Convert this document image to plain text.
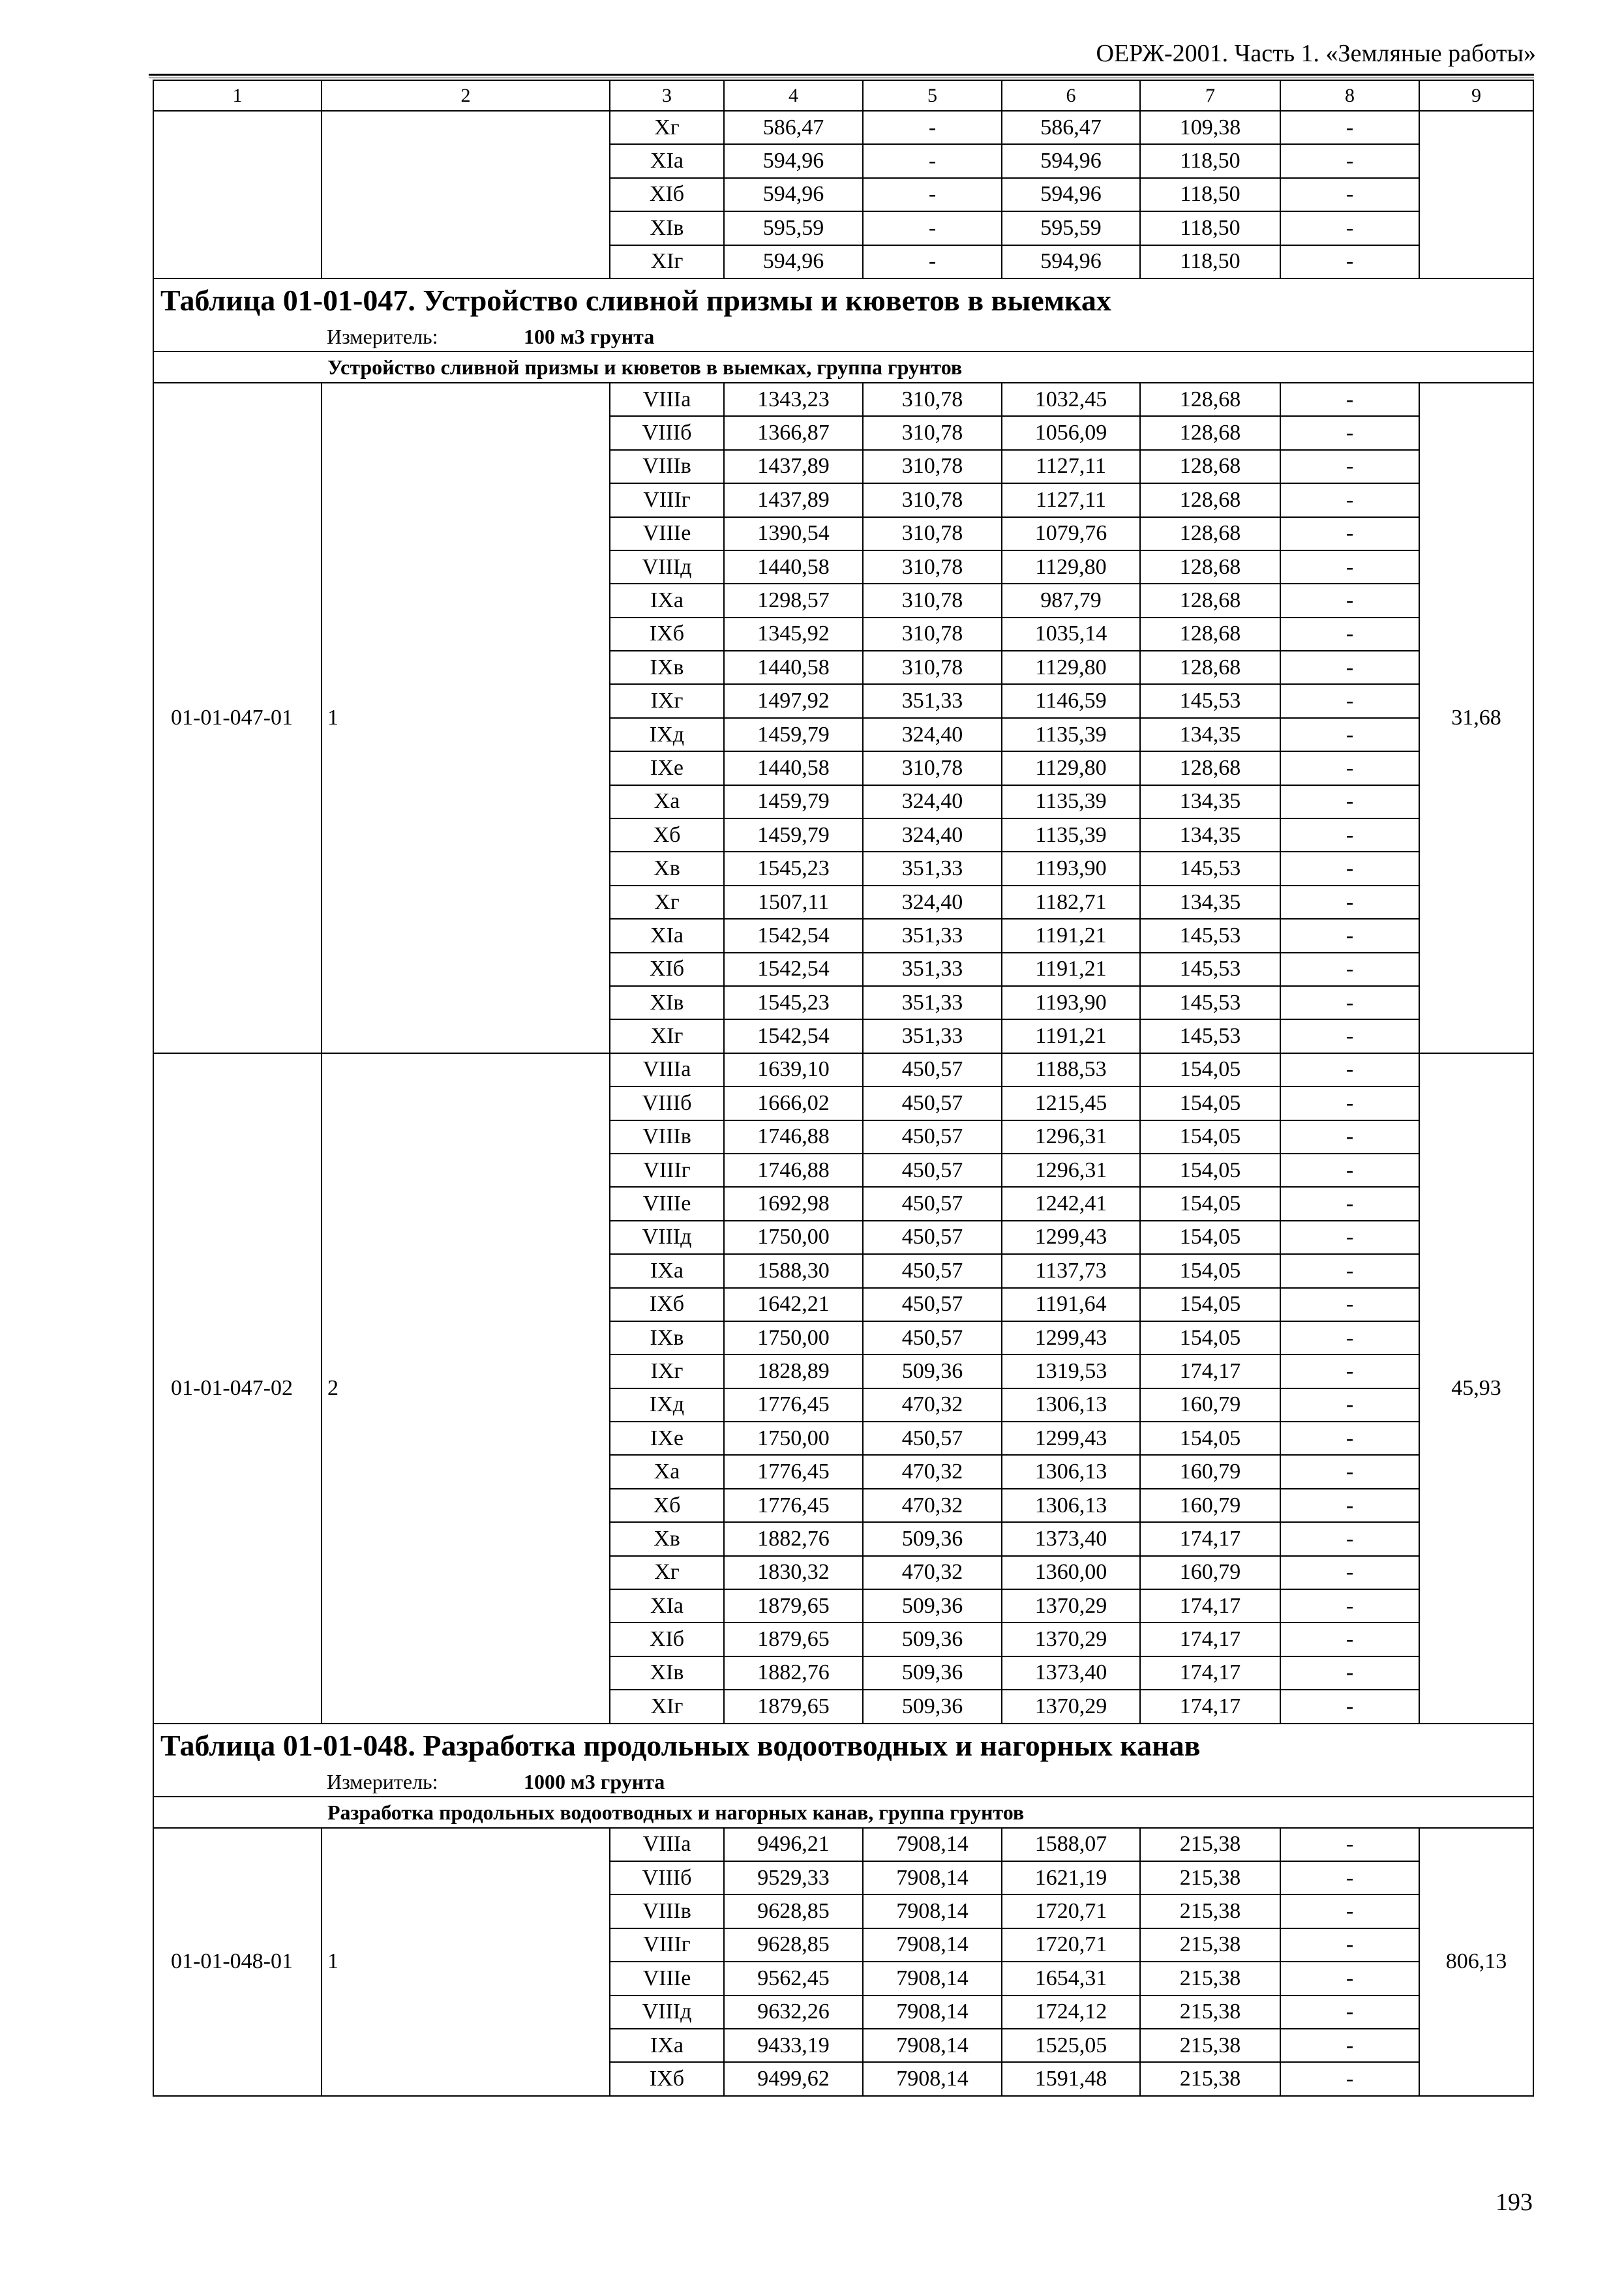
ОЕРЖ-2001. Часть 1. «Земляные работы»
1	2	3	4	5	6	7	8	9
		Xг	586,47	-	586,47	109,38	-	
		XIа	594,96	-	594,96	118,50	-	
		XIб	594,96	-	594,96	118,50	-	
		XIв	595,59	-	595,59	118,50	-	
		XIг	594,96	-	594,96	118,50	-	
Таблица 01-01-047. Устройство сливной призмы и кюветов в выемках								
Измеритель: 100 м3 грунта								
Устройство сливной призмы и кюветов в выемках, группа грунтов								
01-01-047-01	1	VIIIа	1343,23	310,78	1032,45	128,68	-	31,68
		VIIIб	1366,87	310,78	1056,09	128,68	-	
		VIIIв	1437,89	310,78	1127,11	128,68	-	
		VIIIг	1437,89	310,78	1127,11	128,68	-	
		VIIIе	1390,54	310,78	1079,76	128,68	-	
		VIIIд	1440,58	310,78	1129,80	128,68	-	
		IXа	1298,57	310,78	987,79	128,68	-	
		IXб	1345,92	310,78	1035,14	128,68	-	
		IXв	1440,58	310,78	1129,80	128,68	-	
		IXг	1497,92	351,33	1146,59	145,53	-	
		IXд	1459,79	324,40	1135,39	134,35	-	
		IXе	1440,58	310,78	1129,80	128,68	-	
		Xа	1459,79	324,40	1135,39	134,35	-	
		Xб	1459,79	324,40	1135,39	134,35	-	
		Xв	1545,23	351,33	1193,90	145,53	-	
		Xг	1507,11	324,40	1182,71	134,35	-	
		XIа	1542,54	351,33	1191,21	145,53	-	
		XIб	1542,54	351,33	1191,21	145,53	-	
		XIв	1545,23	351,33	1193,90	145,53	-	
		XIг	1542,54	351,33	1191,21	145,53	-	
01-01-047-02	2	VIIIа	1639,10	450,57	1188,53	154,05	-	45,93
		VIIIб	1666,02	450,57	1215,45	154,05	-	
		VIIIв	1746,88	450,57	1296,31	154,05	-	
		VIIIг	1746,88	450,57	1296,31	154,05	-	
		VIIIе	1692,98	450,57	1242,41	154,05	-	
		VIIIд	1750,00	450,57	1299,43	154,05	-	
		IXа	1588,30	450,57	1137,73	154,05	-	
		IXб	1642,21	450,57	1191,64	154,05	-	
		IXв	1750,00	450,57	1299,43	154,05	-	
		IXг	1828,89	509,36	1319,53	174,17	-	
		IXд	1776,45	470,32	1306,13	160,79	-	
		IXе	1750,00	450,57	1299,43	154,05	-	
		Xа	1776,45	470,32	1306,13	160,79	-	
		Xб	1776,45	470,32	1306,13	160,79	-	
		Xв	1882,76	509,36	1373,40	174,17	-	
		Xг	1830,32	470,32	1360,00	160,79	-	
		XIа	1879,65	509,36	1370,29	174,17	-	
		XIб	1879,65	509,36	1370,29	174,17	-	
		XIв	1882,76	509,36	1373,40	174,17	-	
		XIг	1879,65	509,36	1370,29	174,17	-	
Таблица 01-01-048. Разработка продольных водоотводных и нагорных канав								
Измеритель: 1000 м3 грунта								
Разработка продольных водоотводных и нагорных канав, группа грунтов								
01-01-048-01	1	VIIIа	9496,21	7908,14	1588,07	215,38	-	806,13
		VIIIб	9529,33	7908,14	1621,19	215,38	-	
		VIIIв	9628,85	7908,14	1720,71	215,38	-	
		VIIIг	9628,85	7908,14	1720,71	215,38	-	
		VIIIе	9562,45	7908,14	1654,31	215,38	-	
		VIIIд	9632,26	7908,14	1724,12	215,38	-	
		IXа	9433,19	7908,14	1525,05	215,38	-	
		IXб	9499,62	7908,14	1591,48	215,38	-	
193
